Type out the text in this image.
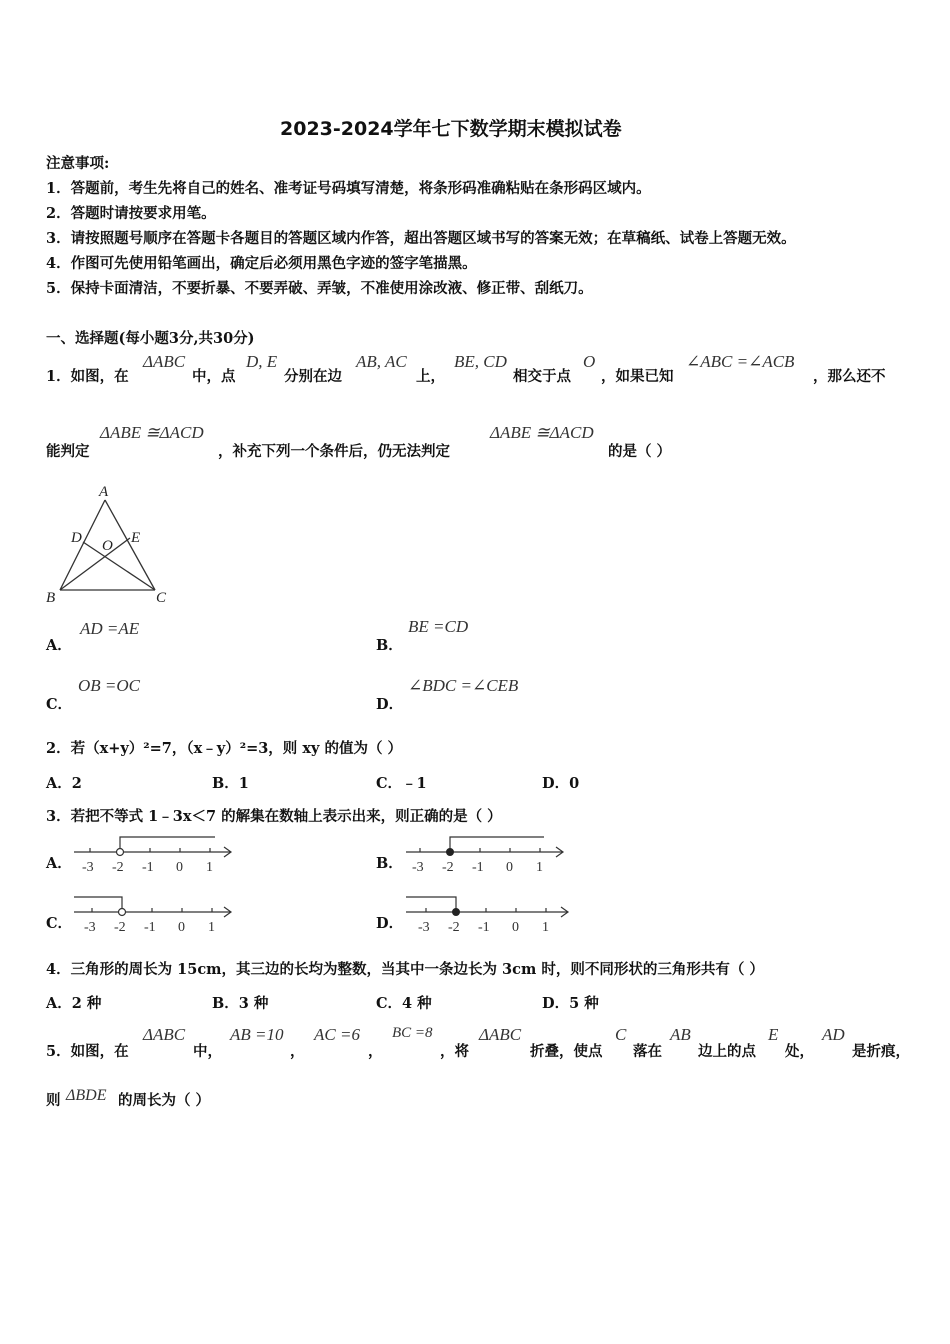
2023-2024学年七下数学期末模拟试卷
注意事项:
1．答题前，考生先将自己的姓名、准考证号码填写清楚，将条形码准确粘贴在条形码区域内。
2．答题时请按要求用笔。
3．请按照题号顺序在答题卡各题目的答题区域内作答，超出答题区域书写的答案无效；在草稿纸、试卷上答题无效。
4．作图可先使用铅笔画出，确定后必须用黑色字迹的签字笔描黑。
5．保持卡面清洁，不要折暴、不要弄破、弄皱，不准使用涂改液、修正带、刮纸刀。
一、选择题(每小题3分,共30分)
1．如图，在
ΔABC
中，点
D, E
分别在边
AB, AC
上，
BE, CD
相交于点
O
，如果已知
∠ABC =∠ACB
，那么还不
能判定
ΔABE ≅ΔACD
，补充下列一个条件后，仍无法判定
ΔABE ≅ΔACD
的是（ ）
A
D	E
O
B	C
A．
AD =AE
B．
BE =CD
C．
OB =OC
D．
∠BDC =∠CEB
2．若（x+y）²=7，（x﹣y）²=3，则 xy 的值为（ ）
A．2	B．1	C．﹣1	D．0
3．若把不等式 1﹣3x＜7 的解集在数轴上表示出来，则正确的是（ ）
A． -3 -2 -1 0 1	B． -3 -2 -1 0 1
C． -3 -2 -1 0 1	D． -3 -2 -1 0 1
4．三角形的周长为 15cm，其三边的长均为整数，当其中一条边长为 3cm 时，则不同形状的三角形共有（ ）
A．2 种	B．3 种	C．4 种	D．5 种
5．如图，在
ΔABC
中，
AB =10
，
AC =6
，
BC =8
，将
ΔABC
折叠，使点
C
落在
AB
边上的点
E
处，
AD
是折痕，
则 ΔBDE 的周长为（ ）
